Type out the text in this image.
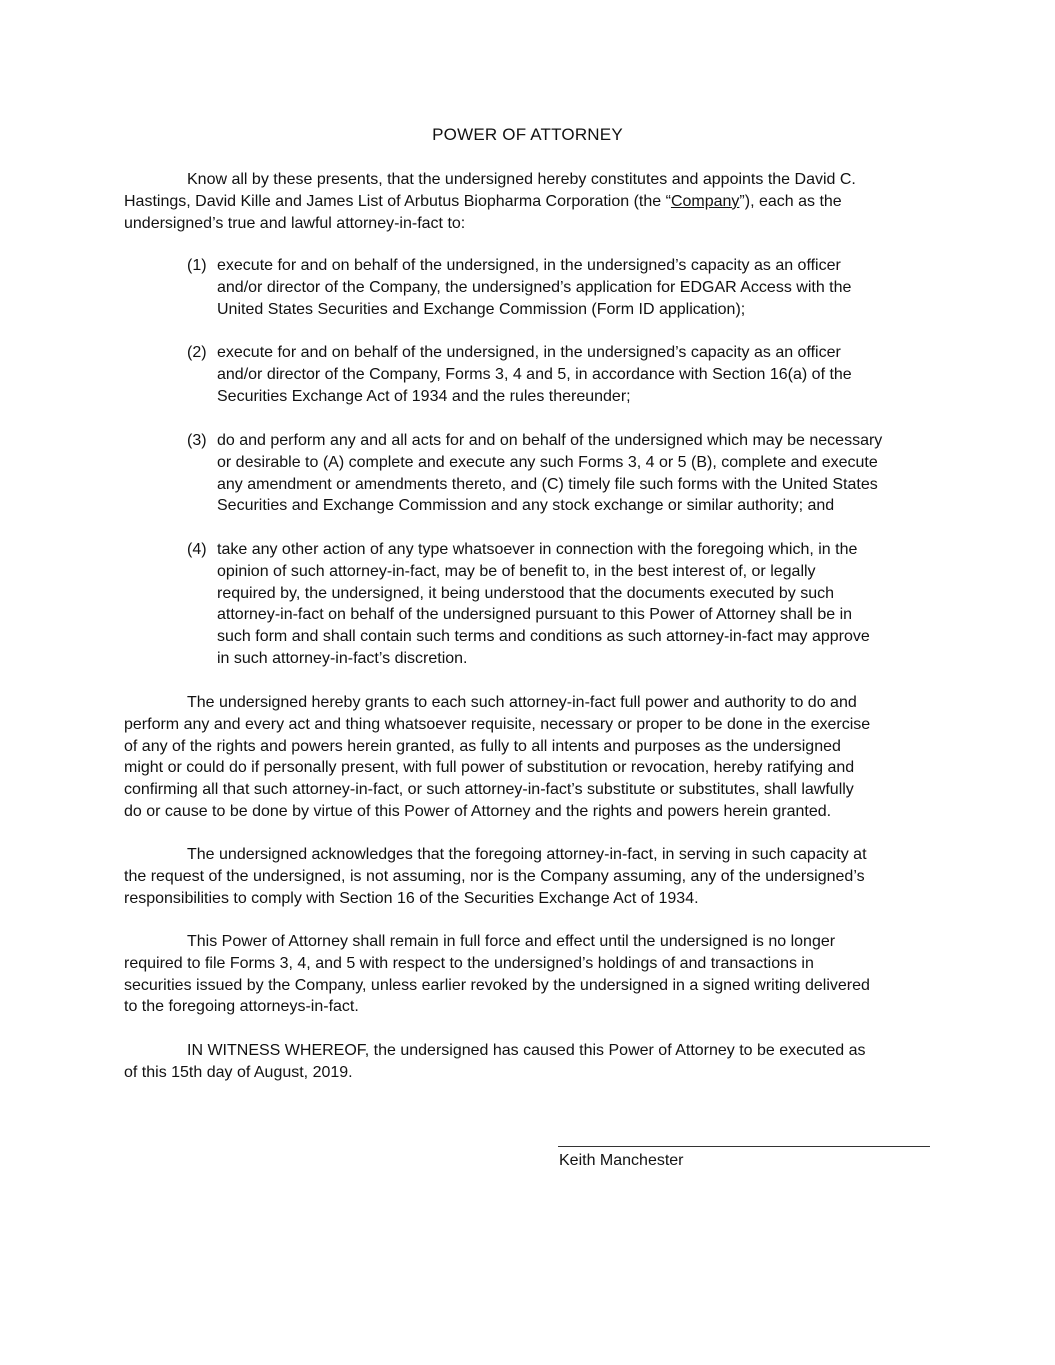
POWER OF ATTORNEY
Know all by these presents, that the undersigned hereby constitutes and appoints the David C.
Hastings, David Kille and James List of Arbutus Biopharma Corporation (the “Company”), each as the
undersigned’s true and lawful attorney-in-fact to:
(1) execute for and on behalf of the undersigned, in the undersigned’s capacity as an officer
and/or director of the Company, the undersigned’s application for EDGAR Access with the
United States Securities and Exchange Commission (Form ID application);
(2) execute for and on behalf of the undersigned, in the undersigned’s capacity as an officer
and/or director of the Company, Forms 3, 4 and 5, in accordance with Section 16(a) of the
Securities Exchange Act of 1934 and the rules thereunder;
(3) do and perform any and all acts for and on behalf of the undersigned which may be necessary
or desirable to (A) complete and execute any such Forms 3, 4 or 5 (B), complete and execute
any amendment or amendments thereto, and (C) timely file such forms with the United States
Securities and Exchange Commission and any stock exchange or similar authority; and
(4) take any other action of any type whatsoever in connection with the foregoing which, in the
opinion of such attorney-in-fact, may be of benefit to, in the best interest of, or legally
required by, the undersigned, it being understood that the documents executed by such
attorney-in-fact on behalf of the undersigned pursuant to this Power of Attorney shall be in
such form and shall contain such terms and conditions as such attorney-in-fact may approve
in such attorney-in-fact’s discretion.
The undersigned hereby grants to each such attorney-in-fact full power and authority to do and
perform any and every act and thing whatsoever requisite, necessary or proper to be done in the exercise
of any of the rights and powers herein granted, as fully to all intents and purposes as the undersigned
might or could do if personally present, with full power of substitution or revocation, hereby ratifying and
confirming all that such attorney-in-fact, or such attorney-in-fact’s substitute or substitutes, shall lawfully
do or cause to be done by virtue of this Power of Attorney and the rights and powers herein granted.
The undersigned acknowledges that the foregoing attorney-in-fact, in serving in such capacity at
the request of the undersigned, is not assuming, nor is the Company assuming, any of the undersigned’s
responsibilities to comply with Section 16 of the Securities Exchange Act of 1934.
This Power of Attorney shall remain in full force and effect until the undersigned is no longer
required to file Forms 3, 4, and 5 with respect to the undersigned’s holdings of and transactions in
securities issued by the Company, unless earlier revoked by the undersigned in a signed writing delivered
to the foregoing attorneys-in-fact.
IN WITNESS WHEREOF, the undersigned has caused this Power of Attorney to be executed as
of this 15th day of August, 2019.
Keith Manchester
